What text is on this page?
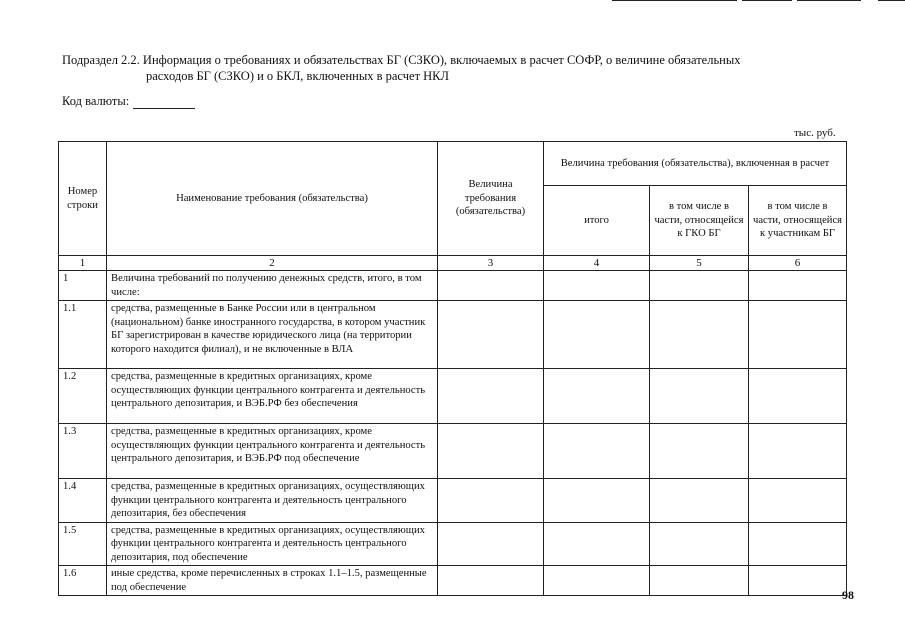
Подраздел 2.2. Информация о требованиях и обязательствах БГ (СЗКО), включаемых в расчет СОФР, о величине обязательных
расходов БГ (СЗКО) и о БКЛ, включенных в расчет НКЛ
Код валюты:
тыс. руб.
Номер строки	Наименование требования (обязательства)	Величина требования (обязательства)	Величина требования (обязательства), включенная в расчет		
			итого	в том числе в части, относящейся к ГКО БГ	в том числе в части, относящейся к участникам БГ
1	2	3	4	5	6
1	Величина требований по получению денежных средств, итого, в том числе:				
1.1	средства, размещенные в Банке России или в центральном (национальном) банке иностранного государства, в котором участник БГ зарегистрирован в качестве юридического лица (на территории которого находится филиал), и не включенные в ВЛА				
1.2	средства, размещенные в кредитных организациях, кроме осуществляющих функции центрального контрагента и деятельность центрального депозитария, и ВЭБ.РФ без обеспечения				
1.3	средства, размещенные в кредитных организациях, кроме осуществляющих функции центрального контрагента и деятельность центрального депозитария, и ВЭБ.РФ под обеспечение				
1.4	средства, размещенные в кредитных организациях, осуществляющих функции центрального контрагента и деятельность центрального депозитария, без обеспечения				
1.5	средства, размещенные в кредитных организациях, осуществляющих функции центрального контрагента и деятельность центрального депозитария, под обеспечение				
1.6	иные средства, кроме перечисленных в строках 1.1–1.5, размещенные под обеспечение				
98
